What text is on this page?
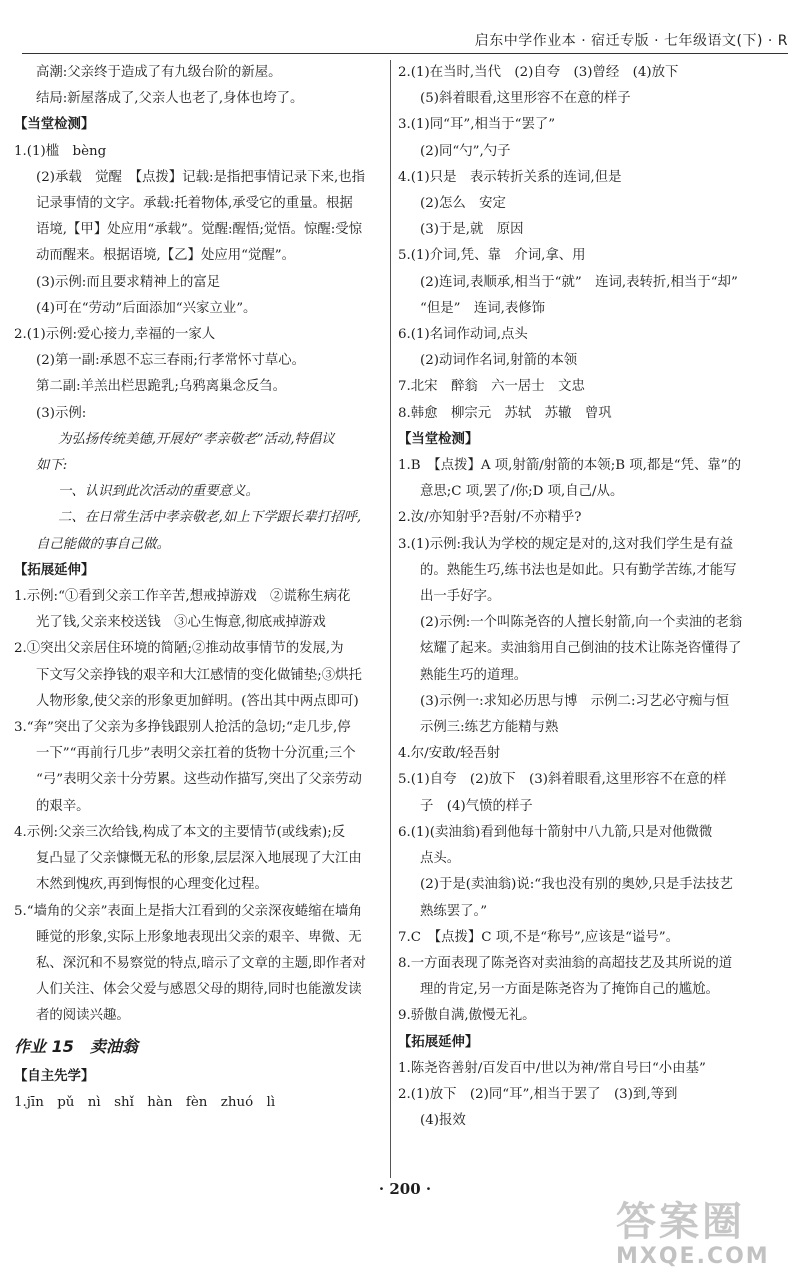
启东中学作业本 · 宿迁专版 · 七年级语文(下) · R
高潮:父亲终于造成了有九级台阶的新屋。
结局:新屋落成了,父亲人也老了,身体也垮了。
【当堂检测】
1.(1)槛　bèng
(2)承载　觉醒　【点拨】记载:是指把事情记录下来,也指
记录事情的文字。承载:托着物体,承受它的重量。根据
语境,【甲】处应用“承载”。觉醒:醒悟;觉悟。惊醒:受惊
动而醒来。根据语境,【乙】处应用“觉醒”。
(3)示例:而且要求精神上的富足
(4)可在“劳动”后面添加“兴家立业”。
2.(1)示例:爱心接力,幸福的一家人
(2)第一副:承恩不忘三春雨;行孝常怀寸草心。
第二副:羊羔出栏思跪乳;乌鸦离巢念反刍。
(3)示例:
为弘扬传统美德,开展好“孝亲敬老”活动,特倡议
如下:
一、认识到此次活动的重要意义。
二、在日常生活中孝亲敬老,如上下学跟长辈打招呼,
自己能做的事自己做。
【拓展延伸】
1.示例:“①看到父亲工作辛苦,想戒掉游戏　②谎称生病花
光了钱,父亲来校送钱　③心生悔意,彻底戒掉游戏
2.①突出父亲居住环境的简陋;②推动故事情节的发展,为
下文写父亲挣钱的艰辛和大江感情的变化做铺垫;③烘托
人物形象,使父亲的形象更加鲜明。(答出其中两点即可)
3.“奔”突出了父亲为多挣钱跟别人抢活的急切;“走几步,停
一下”“再前行几步”表明父亲扛着的货物十分沉重;三个
“弓”表明父亲十分劳累。这些动作描写,突出了父亲劳动
的艰辛。
4.示例:父亲三次给钱,构成了本文的主要情节(或线索);反
复凸显了父亲慷慨无私的形象,层层深入地展现了大江由
木然到愧疚,再到悔恨的心理变化过程。
5.“墙角的父亲”表面上是指大江看到的父亲深夜蜷缩在墙角
睡觉的形象,实际上形象地表现出父亲的艰辛、卑微、无
私、深沉和不易察觉的特点,暗示了文章的主题,即作者对
人们关注、体会父爱与感恩父母的期待,同时也能激发读
者的阅读兴趣。
作业 15　卖油翁
【自主先学】
1.jīn　pǔ　nì　shǐ　hàn　fèn　zhuó　lì
2.(1)在当时,当代　(2)自夸　(3)曾经　(4)放下
(5)斜着眼看,这里形容不在意的样子
3.(1)同“耳”,相当于“罢了”
(2)同“勺”,勺子
4.(1)只是　表示转折关系的连词,但是
(2)怎么　安定
(3)于是,就　原因
5.(1)介词,凭、靠　介词,拿、用
(2)连词,表顺承,相当于“就”　连词,表转折,相当于“却”
“但是”　连词,表修饰
6.(1)名词作动词,点头
(2)动词作名词,射箭的本领
7.北宋　醉翁　六一居士　文忠
8.韩愈　柳宗元　苏轼　苏辙　曾巩
【当堂检测】
1.B　【点拨】A 项,射箭/射箭的本领;B 项,都是“凭、靠”的
意思;C 项,罢了/你;D 项,自己/从。
2.汝/亦知射乎?吾射/不亦精乎?
3.(1)示例:我认为学校的规定是对的,这对我们学生是有益
的。熟能生巧,练书法也是如此。只有勤学苦练,才能写
出一手好字。
(2)示例:一个叫陈尧咨的人擅长射箭,向一个卖油的老翁
炫耀了起来。卖油翁用自己倒油的技术让陈尧咨懂得了
熟能生巧的道理。
(3)示例一:求知必历思与博　示例二:习艺必守痴与恒
示例三:练艺方能精与熟
4.尔/安敢/轻吾射
5.(1)自夸　(2)放下　(3)斜着眼看,这里形容不在意的样
子　(4)气愤的样子
6.(1)(卖油翁)看到他每十箭射中八九箭,只是对他微微
点头。
(2)于是(卖油翁)说:“我也没有别的奥妙,只是手法技艺
熟练罢了。”
7.C　【点拨】C 项,不是“称号”,应该是“谥号”。
8.一方面表现了陈尧咨对卖油翁的高超技艺及其所说的道
理的肯定,另一方面是陈尧咨为了掩饰自己的尴尬。
9.骄傲自满,傲慢无礼。
【拓展延伸】
1.陈尧咨善射/百发百中/世以为神/常自号曰“小由基”
2.(1)放下　(2)同“耳”,相当于罢了　(3)到,等到
(4)报效
· 200 ·
答案圈
MXQE.COM
